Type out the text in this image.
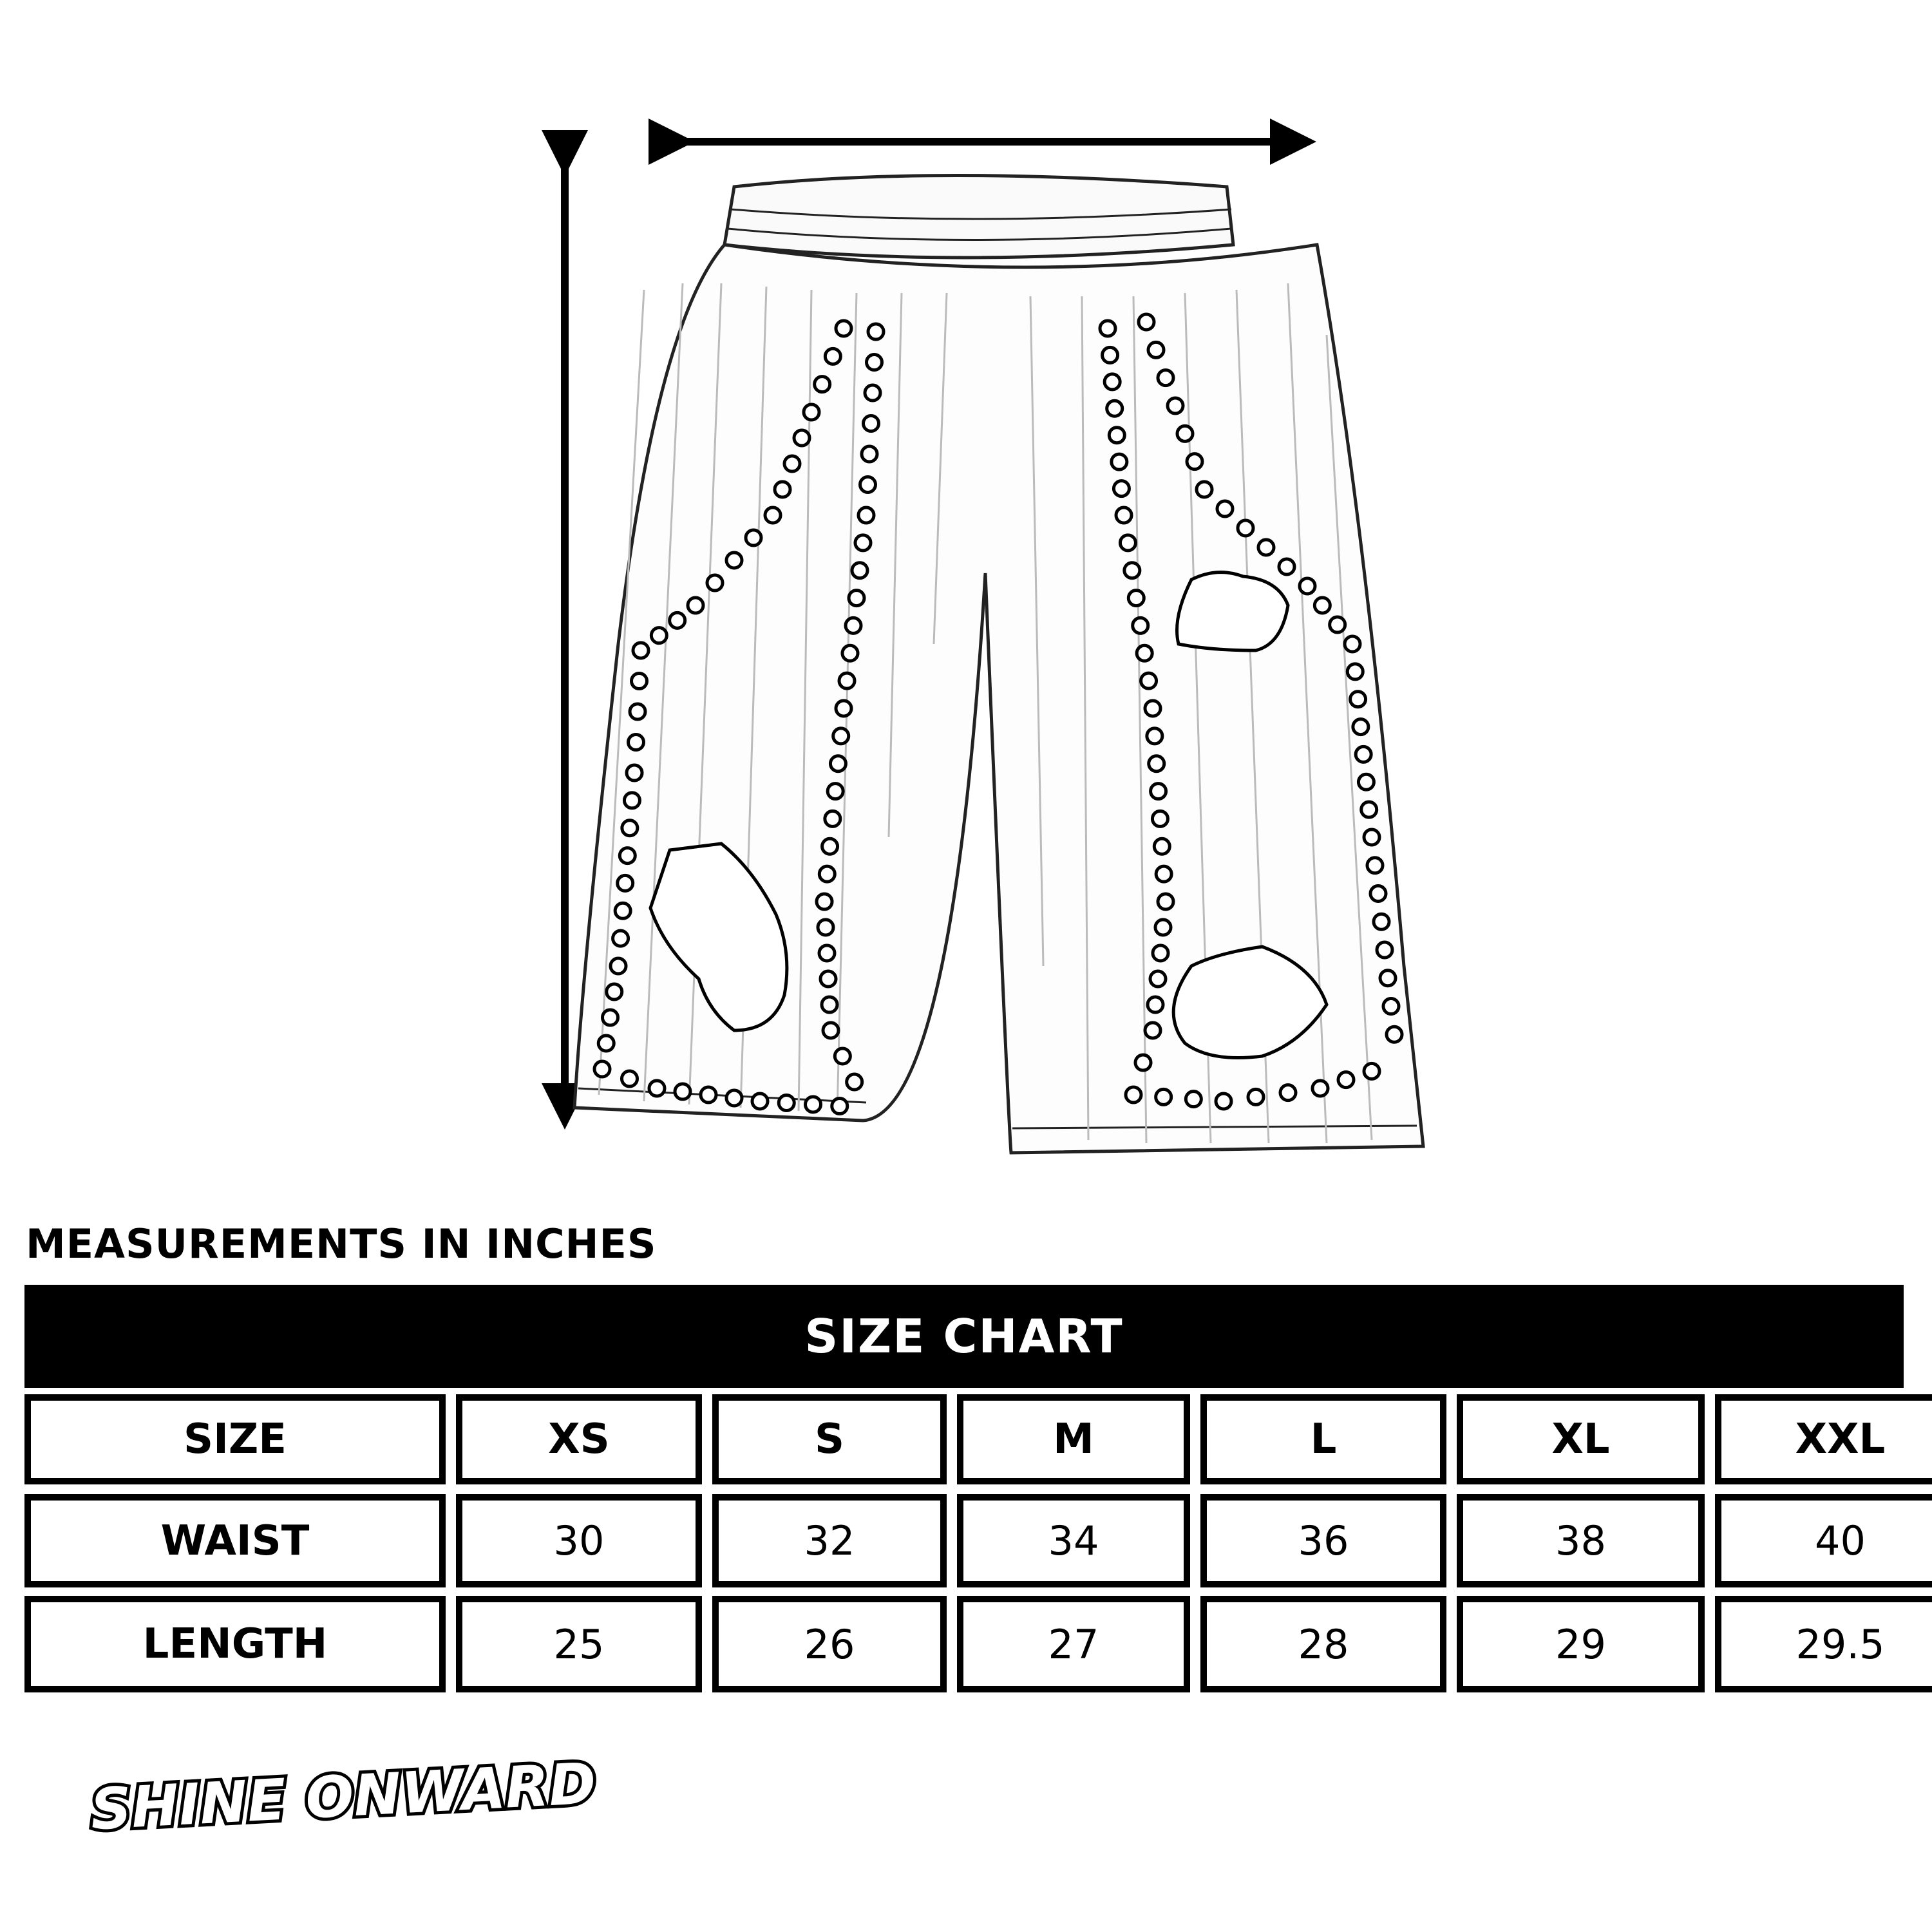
MEASUREMENTS IN INCHES
SIZE CHART
SIZE	XS	S	M	L	XL	XXL
WAIST	30	32	34	36	38	40
LENGTH	25	26	27	28	29	29.5
SHINE ONWARD
